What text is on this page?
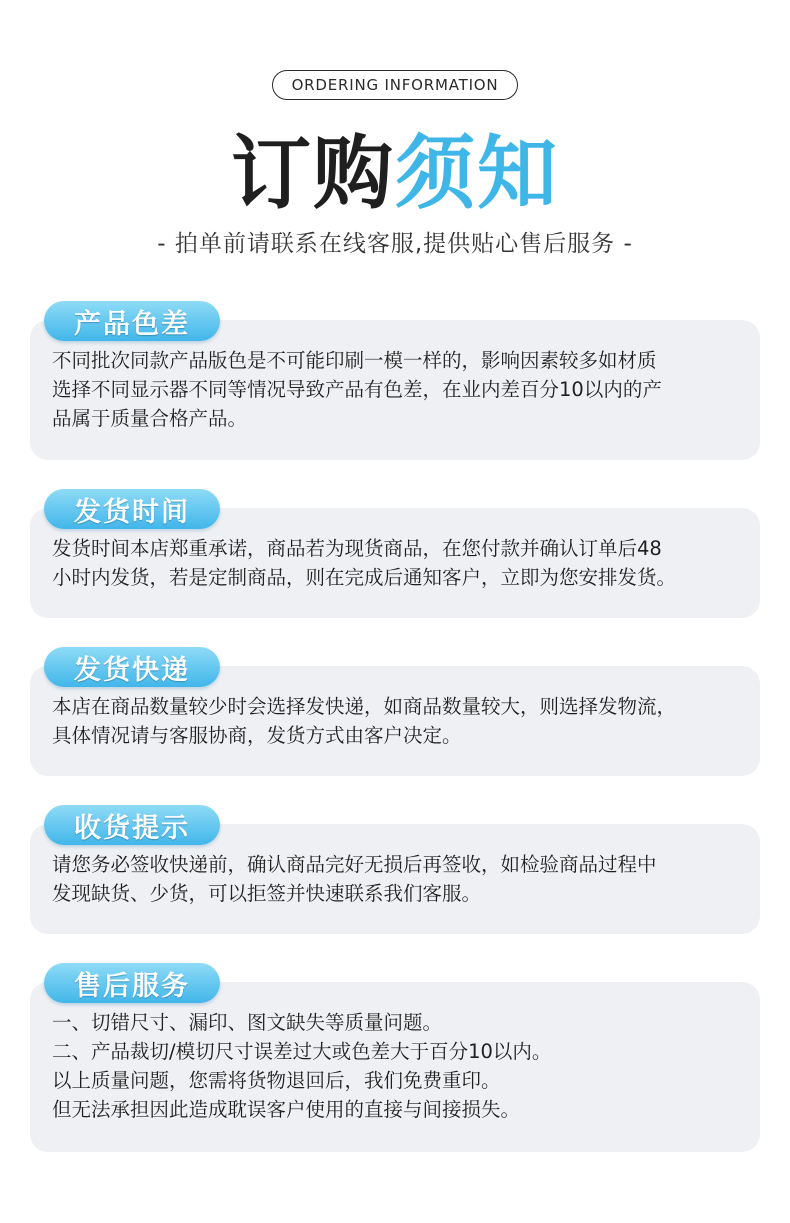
ORDERING INFORMATION
订购须知
- 拍单前请联系在线客服,提供贴心售后服务 -
产品色差
不同批次同款产品版色是不可能印刷一模一样的，影响因素较多如材质
选择不同显示器不同等情况导致产品有色差，在业内差百分10以内的产
品属于质量合格产品。
发货时间
发货时间本店郑重承诺，商品若为现货商品，在您付款并确认订单后48
小时内发货，若是定制商品，则在完成后通知客户，立即为您安排发货。
发货快递
本店在商品数量较少时会选择发快递，如商品数量较大，则选择发物流，
具体情况请与客服协商，发货方式由客户决定。
收货提示
请您务必签收快递前，确认商品完好无损后再签收，如检验商品过程中
发现缺货、少货，可以拒签并快速联系我们客服。
售后服务
一、切错尺寸、漏印、图文缺失等质量问题。
二、产品裁切/模切尺寸误差过大或色差大于百分10以内。
以上质量问题，您需将货物退回后，我们免费重印。
但无法承担因此造成耽误客户使用的直接与间接损失。
